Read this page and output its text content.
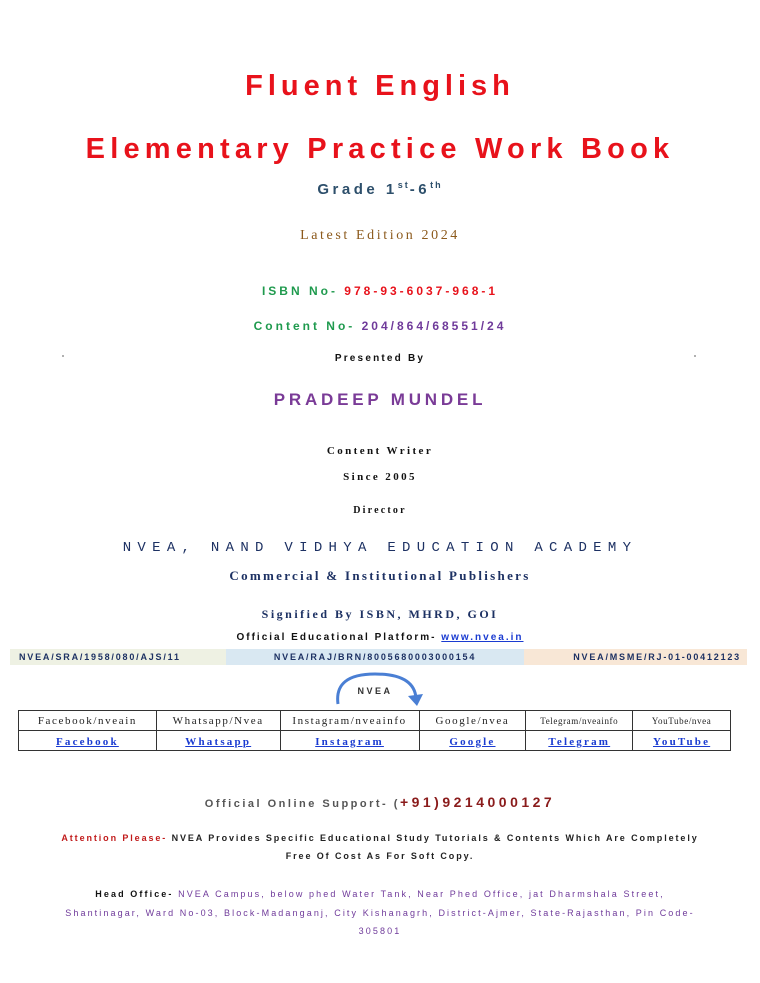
Fluent English
Elementary Practice Work Book
Grade 1st-6th
Latest Edition 2024
ISBN No- 978-93-6037-968-1
Content No- 204/864/68551/24
Presented By
PRADEEP MUNDEL
Content Writer
Since 2005
Director
NVEA, NAND VIDHYA EDUCATION ACADEMY
Commercial & Institutional Publishers
Signified By ISBN, MHRD, GOI
Official Educational Platform- www.nvea.in
NVEA/SRA/1958/080/AJS/11	NVEA/RAJ/BRN/8005680003000154	NVEA/MSME/RJ-01-00412123
NVEA
Facebook/nveain	Whatsapp/Nvea	Instagram/nveainfo	Google/nvea	Telegram/nveainfo	YouTube/nvea
Facebook	Whatsapp	Instagram	Google	Telegram	YouTube
Official Online Support- (+91)9214000127
Attention Please- NVEA Provides Specific Educational Study Tutorials & Contents Which Are Completely Free Of Cost As For Soft Copy.
Head Office- NVEA Campus, below phed Water Tank, Near Phed Office, jat Dharmshala Street, Shantinagar, Ward No-03, Block-Madanganj, City Kishanagrh, District-Ajmer, State-Rajasthan, Pin Code- 305801
